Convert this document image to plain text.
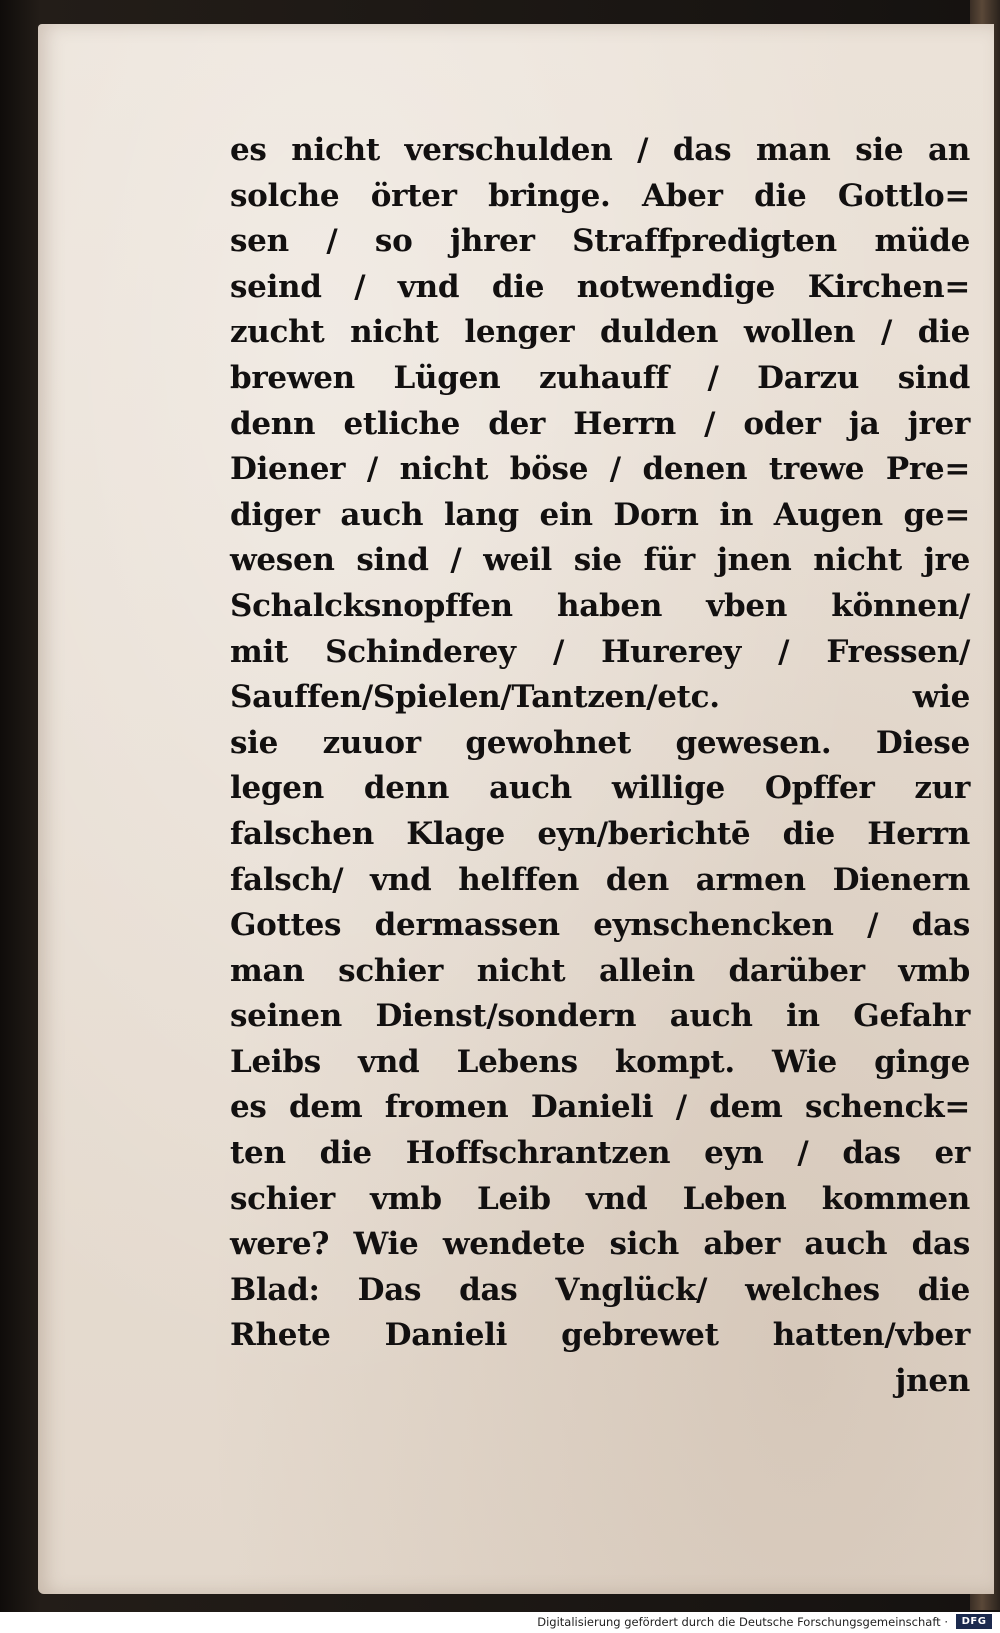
es nicht verschulden / das man sie an
solche örter bringe. Aber die Gottlo=
sen / so jhrer Straffpredigten müde
seind / vnd die notwendige Kirchen=
zucht nicht lenger dulden wollen / die
brewen Lügen zuhauff / Darzu sind
denn etliche der Herrn / oder ja jrer
Diener / nicht böse / denen trewe Pre=
diger auch lang ein Dorn in Augen ge=
wesen sind / weil sie für jnen nicht jre
Schalcksnopffen haben vben können/
mit Schinderey / Hurerey / Fressen/
Sauffen/Spielen/Tantzen/etc. wie
sie zuuor gewohnet gewesen. Diese
legen denn auch willige Opffer zur
falschen Klage eyn/berichtē die Herrn
falsch/ vnd helffen den armen Dienern
Gottes dermassen eynschencken / das
man schier nicht allein darüber vmb
seinen Dienst/sondern auch in Gefahr
Leibs vnd Lebens kompt. Wie ginge
es dem fromen Danieli / dem schenck=
ten die Hoffschrantzen eyn / das er
schier vmb Leib vnd Leben kommen
were? Wie wendete sich aber auch das
Blad: Das das Vnglück/ welches die
Rhete Danieli gebrewet hatten/vber
jnen
Digitalisierung gefördert durch die Deutsche Forschungsgemeinschaft ·	DFG
